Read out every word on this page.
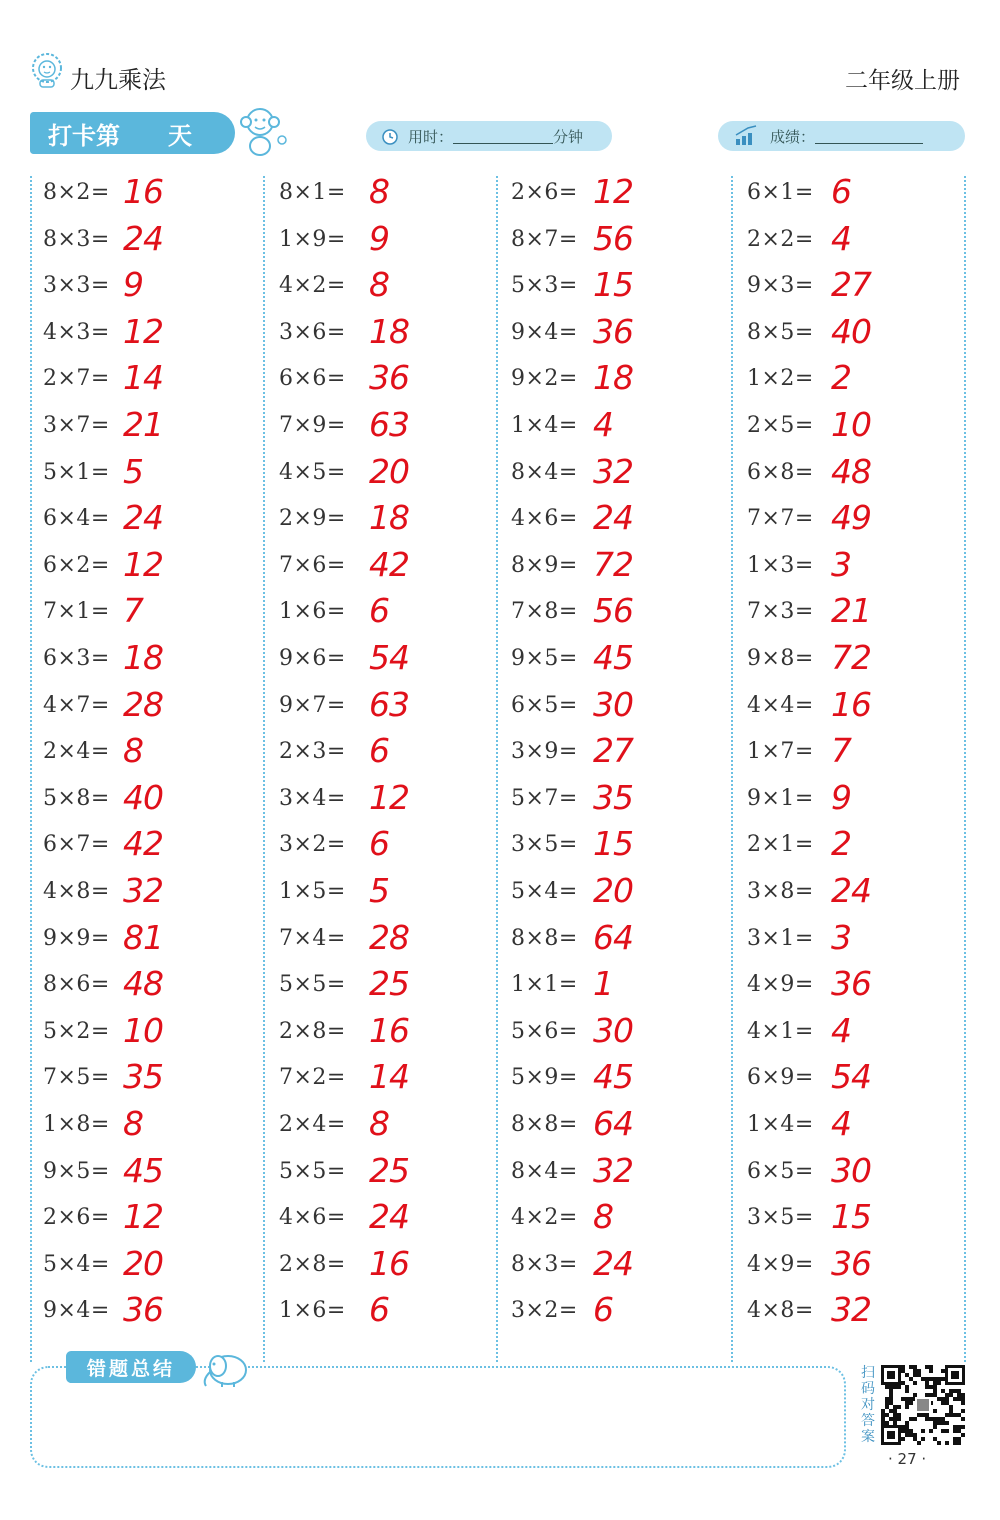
九九乘法	二年级上册
打卡第 天	用时：	分钟	成绩：
8×2= 16
8×3= 24
3×3= 9
4×3= 12
2×7= 14
3×7= 21
5×1= 5
6×4= 24
6×2= 12
7×1= 7
6×3= 18
4×7= 28
2×4= 8
5×8= 40
6×7= 42
4×8= 32
9×9= 81
8×6= 48
5×2= 10
7×5= 35
1×8= 8
9×5= 45
2×6= 12
5×4= 20
9×4= 36
8×1= 8
1×9= 9
4×2= 8
3×6= 18
6×6= 36
7×9= 63
4×5= 20
2×9= 18
7×6= 42
1×6= 6
9×6= 54
9×7= 63
2×3= 6
3×4= 12
3×2= 6
1×5= 5
7×4= 28
5×5= 25
2×8= 16
7×2= 14
2×4= 8
5×5= 25
4×6= 24
2×8= 16
1×6= 6
2×6= 12
8×7= 56
5×3= 15
9×4= 36
9×2= 18
1×4= 4
8×4= 32
4×6= 24
8×9= 72
7×8= 56
9×5= 45
6×5= 30
3×9= 27
5×7= 35
3×5= 15
5×4= 20
8×8= 64
1×1= 1
5×6= 30
5×9= 45
8×8= 64
8×4= 32
4×2= 8
8×3= 24
3×2= 6
6×1= 6
2×2= 4
9×3= 27
8×5= 40
1×2= 2
2×5= 10
6×8= 48
7×7= 49
1×3= 3
7×3= 21
9×8= 72
4×4= 16
1×7= 7
9×1= 9
2×1= 2
3×8= 24
3×1= 3
4×9= 36
4×1= 4
6×9= 54
1×4= 4
6×5= 30
3×5= 15
4×9= 36
4×8= 32
错题总结	扫
码
对
答
案
· 27 ·
